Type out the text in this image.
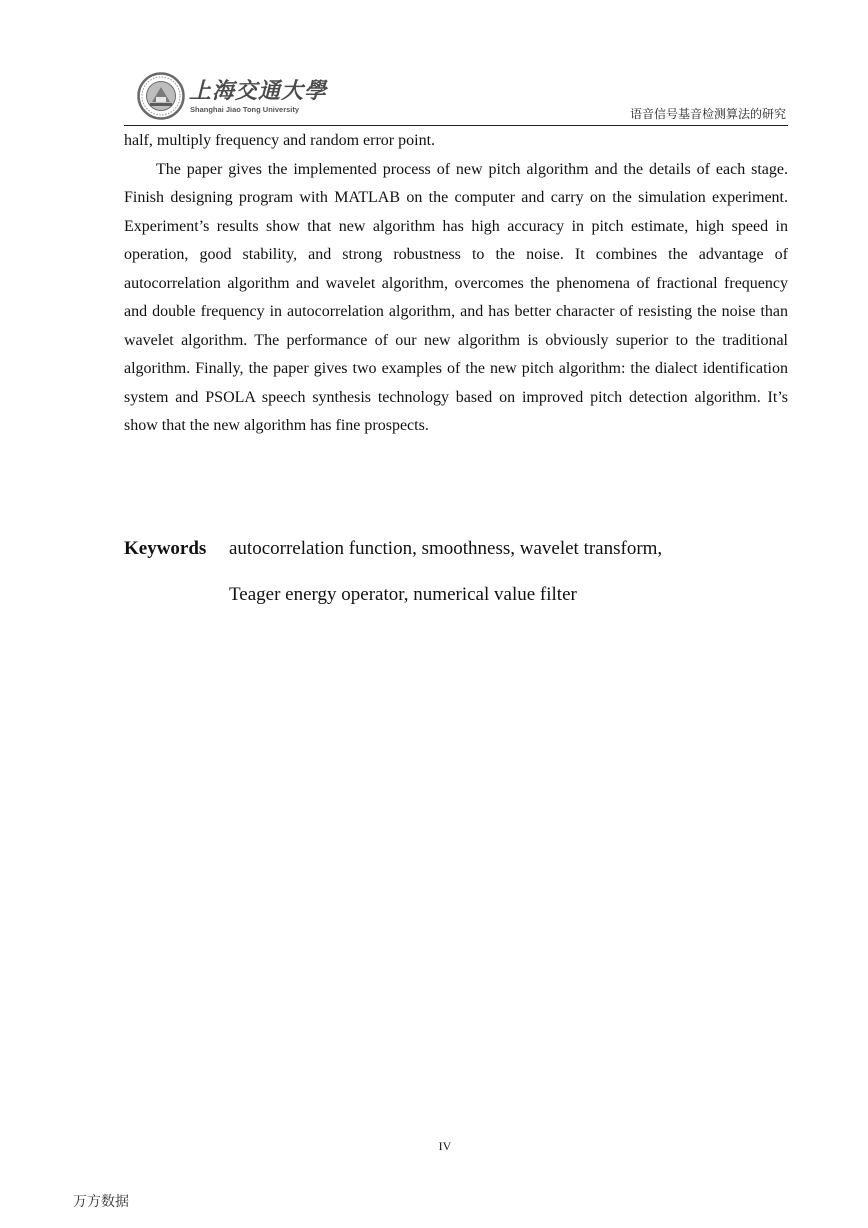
上海交通大學
Shanghai Jiao Tong University	语音信号基音检测算法的研究

half, multiply frequency and random error point.

The paper gives the implemented process of new pitch algorithm and the details of each stage. Finish designing program with MATLAB on the computer and carry on the simulation experiment. Experiment’s results show that new algorithm has high accuracy in pitch estimate, high speed in operation, good stability, and strong robustness to the noise. It combines the advantage of autocorrelation algorithm and wavelet algorithm, overcomes the phenomena of fractional frequency and double frequency in autocorrelation algorithm, and has better character of resisting the noise than wavelet algorithm. The performance of our new algorithm is obviously superior to the traditional algorithm. Finally, the paper gives two examples of the new pitch algorithm: the dialect identification system and PSOLA speech synthesis technology based on improved pitch detection algorithm. It’s show that the new algorithm has fine prospects.

Keywords	autocorrelation function, smoothness, wavelet transform,
Teager energy operator, numerical value filter
IV
万方数据
